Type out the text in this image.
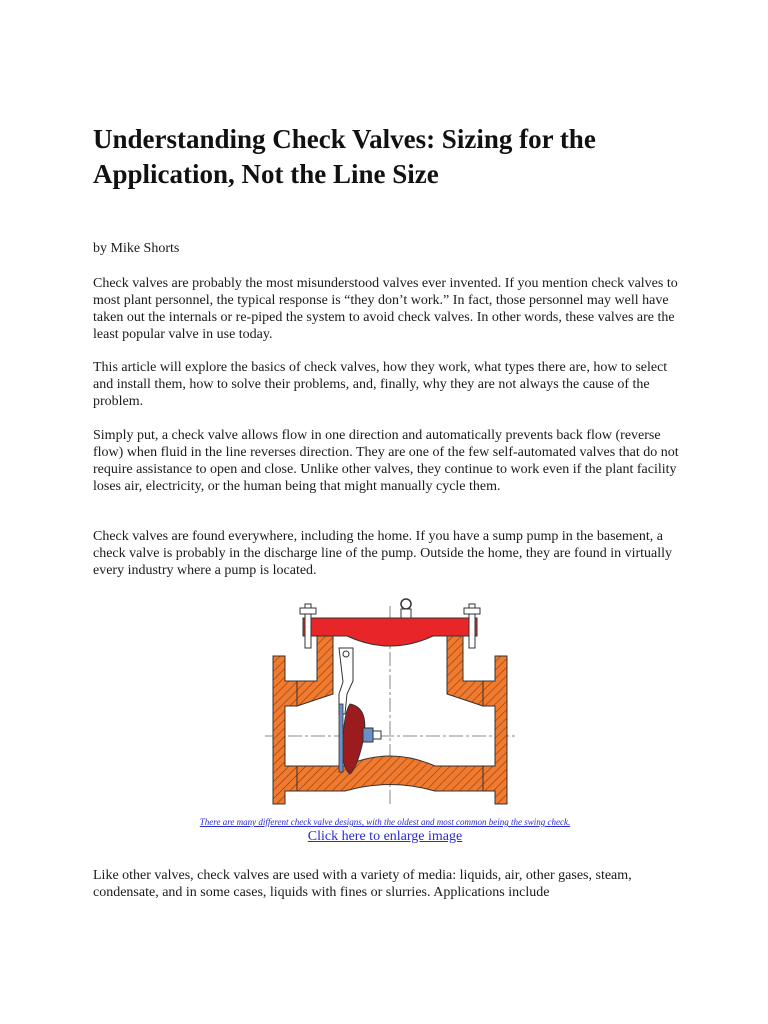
Understanding Check Valves: Sizing for the Application, Not the Line Size

by Mike Shorts

Check valves are probably the most misunderstood valves ever invented. If you mention check valves to most plant personnel, the typical response is “they don’t work.” In fact, those personnel may well have taken out the internals or re-piped the system to avoid check valves. In other words, these valves are the least popular valve in use today.

This article will explore the basics of check valves, how they work, what types there are, how to select and install them, how to solve their problems, and, finally, why they are not always the cause of the problem.

Simply put, a check valve allows flow in one direction and automatically prevents back flow (reverse flow) when fluid in the line reverses direction. They are one of the few self-automated valves that do not require assistance to open and close. Unlike other valves, they continue to work even if the plant facility loses air, electricity, or the human being that might manually cycle them.

Check valves are found everywhere, including the home. If you have a sump pump in the basement, a check valve is probably in the discharge line of the pump. Outside the home, they are found in virtually every industry where a pump is located.

There are many different check valve designs, with the oldest and most common being the swing check.

Click here to enlarge image

Like other valves, check valves are used with a variety of media: liquids, air, other gases, steam, condensate, and in some cases, liquids with fines or slurries. Applications include
